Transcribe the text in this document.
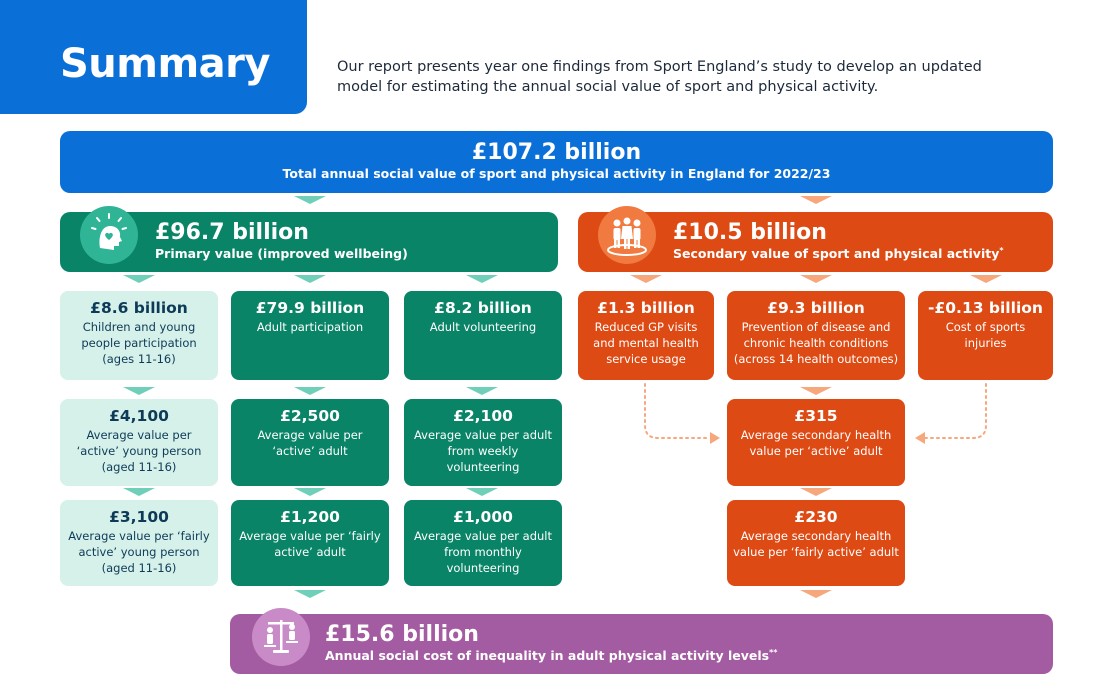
Summary	Our report presents year one findings from Sport England’s study to develop an updated model for estimating the annual social value of sport and physical activity.
£107.2 billion
Total annual social value of sport and physical activity in England for 2022/23
£96.7 billion
Primary value (improved wellbeing)
£10.5 billion
Secondary value of sport and physical activity*
£8.6 billion
Children and young people participation (ages 11-16)
£79.9 billion
Adult participation
£8.2 billion
Adult volunteering
£4,100
Average value per ‘active’ young person (aged 11-16)
£2,500
Average value per ‘active’ adult
£2,100
Average value per adult from weekly volunteering
£3,100
Average value per ‘fairly active’ young person (aged 11-16)
£1,200
Average value per ‘fairly active’ adult
£1,000
Average value per adult from monthly volunteering
£1.3 billion
Reduced GP visits and mental health service usage
£9.3 billion
Prevention of disease and chronic health conditions (across 14 health outcomes)
-£0.13 billion
Cost of sports injuries
£315
Average secondary health value per ‘active’ adult
£230
Average secondary health value per ‘fairly active’ adult
£15.6 billion
Annual social cost of inequality in adult physical activity levels**
